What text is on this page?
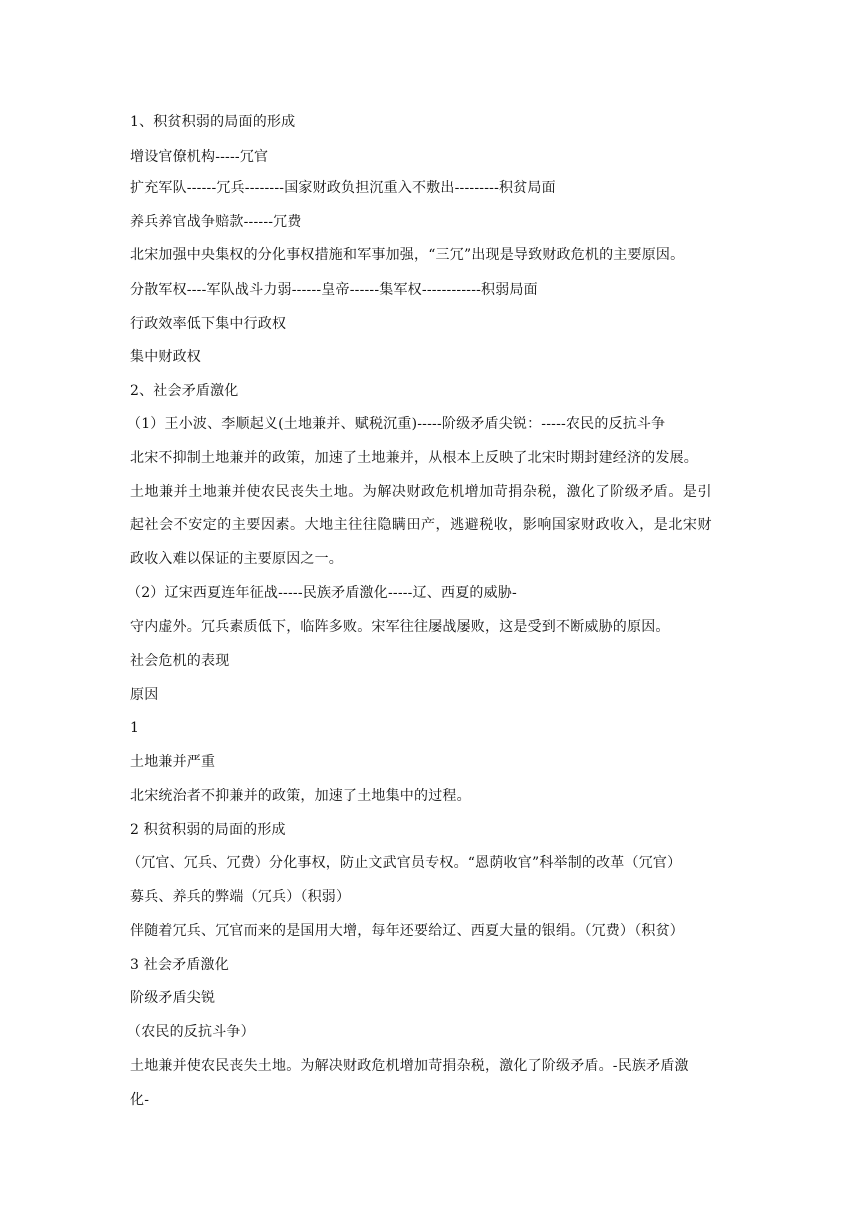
1、积贫积弱的局面的形成
增设官僚机构-----冗官
扩充军队------冗兵--------国家财政负担沉重入不敷出---------积贫局面
养兵养官战争赔款------冗费
北宋加强中央集权的分化事权措施和军事加强，“三冗”出现是导致财政危机的主要原因。
分散军权----军队战斗力弱------皇帝------集军权------------积弱局面
行政效率低下集中行政权
集中财政权
2、社会矛盾激化
（1）王小波、李顺起义(土地兼并、赋税沉重)-----阶级矛盾尖锐：-----农民的反抗斗争
北宋不抑制土地兼并的政策，加速了土地兼并，从根本上反映了北宋时期封建经济的发展。
土地兼并土地兼并使农民丧失土地。为解决财政危机增加苛捐杂税，激化了阶级矛盾。是引
起社会不安定的主要因素。大地主往往隐瞒田产，逃避税收，影响国家财政收入，是北宋财
政收入难以保证的主要原因之一。
（2）辽宋西夏连年征战-----民族矛盾激化-----辽、西夏的威胁-
守内虚外。冗兵素质低下，临阵多败。宋军往往屡战屡败，这是受到不断威胁的原因。
社会危机的表现
原因
1
土地兼并严重
北宋统治者不抑兼并的政策，加速了土地集中的过程。
2 积贫积弱的局面的形成
（冗官、冗兵、冗费）分化事权，防止文武官员专权。“恩荫收官”科举制的改革（冗官）
募兵、养兵的弊端（冗兵）（积弱）
伴随着冗兵、冗官而来的是国用大增，每年还要给辽、西夏大量的银绢。（冗费）（积贫）
3 社会矛盾激化
阶级矛盾尖锐
（农民的反抗斗争）
土地兼并使农民丧失土地。为解决财政危机增加苛捐杂税，激化了阶级矛盾。-民族矛盾激
化-
